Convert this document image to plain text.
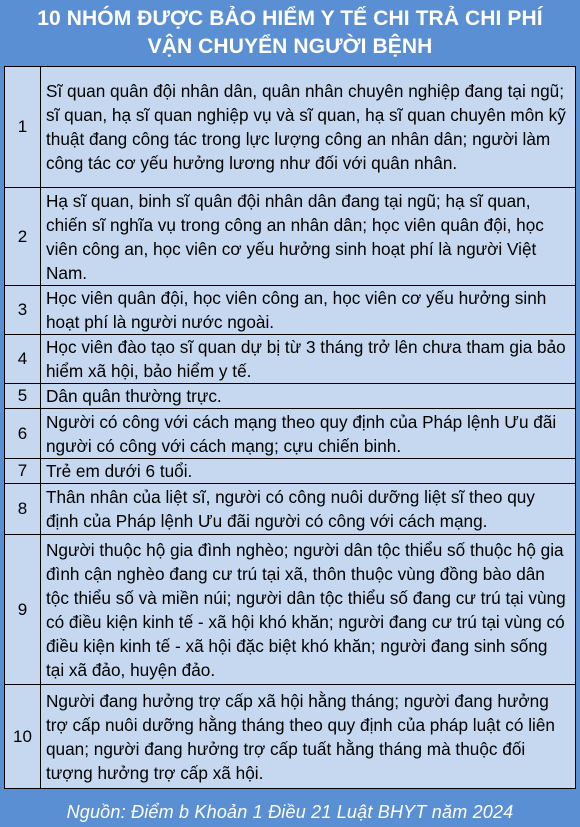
10 NHÓM ĐƯỢC BẢO HIỂM Y TẾ CHI TRẢ CHI PHÍ
VẬN CHUYỂN NGƯỜI BỆNH
1	Sĩ quan quân đội nhân dân, quân nhân chuyên nghiệp đang tại ngũ; sĩ quan, hạ sĩ quan nghiệp vụ và sĩ quan, hạ sĩ quan chuyên môn kỹ thuật đang công tác trong lực lượng công an nhân dân; người làm công tác cơ yếu hưởng lương như đối với quân nhân.
2	Hạ sĩ quan, binh sĩ quân đội nhân dân đang tại ngũ; hạ sĩ quan, chiến sĩ nghĩa vụ trong công an nhân dân; học viên quân đội, học viên công an, học viên cơ yếu hưởng sinh hoạt phí là người Việt Nam.
3	Học viên quân đội, học viên công an, học viên cơ yếu hưởng sinh hoạt phí là người nước ngoài.
4	Học viên đào tạo sĩ quan dự bị từ 3 tháng trở lên chưa tham gia bảo hiểm xã hội, bảo hiểm y tế.
5	Dân quân thường trực.
6	Người có công với cách mạng theo quy định của Pháp lệnh Ưu đãi người có công với cách mạng; cựu chiến binh.
7	Trẻ em dưới 6 tuổi.
8	Thân nhân của liệt sĩ, người có công nuôi dưỡng liệt sĩ theo quy định của Pháp lệnh Ưu đãi người có công với cách mạng.
9	Người thuộc hộ gia đình nghèo; người dân tộc thiểu số thuộc hộ gia đình cận nghèo đang cư trú tại xã, thôn thuộc vùng đồng bào dân tộc thiểu số và miền núi; người dân tộc thiểu số đang cư trú tại vùng có điều kiện kinh tế - xã hội khó khăn; người đang cư trú tại vùng có điều kiện kinh tế - xã hội đặc biệt khó khăn; người đang sinh sống tại xã đảo, huyện đảo.
10	Người đang hưởng trợ cấp xã hội hằng tháng; người đang hưởng trợ cấp nuôi dưỡng hằng tháng theo quy định của pháp luật có liên quan; người đang hưởng trợ cấp tuất hằng tháng mà thuộc đối tượng hưởng trợ cấp xã hội.
Nguồn: Điểm b Khoản 1 Điều 21 Luật BHYT năm 2024
